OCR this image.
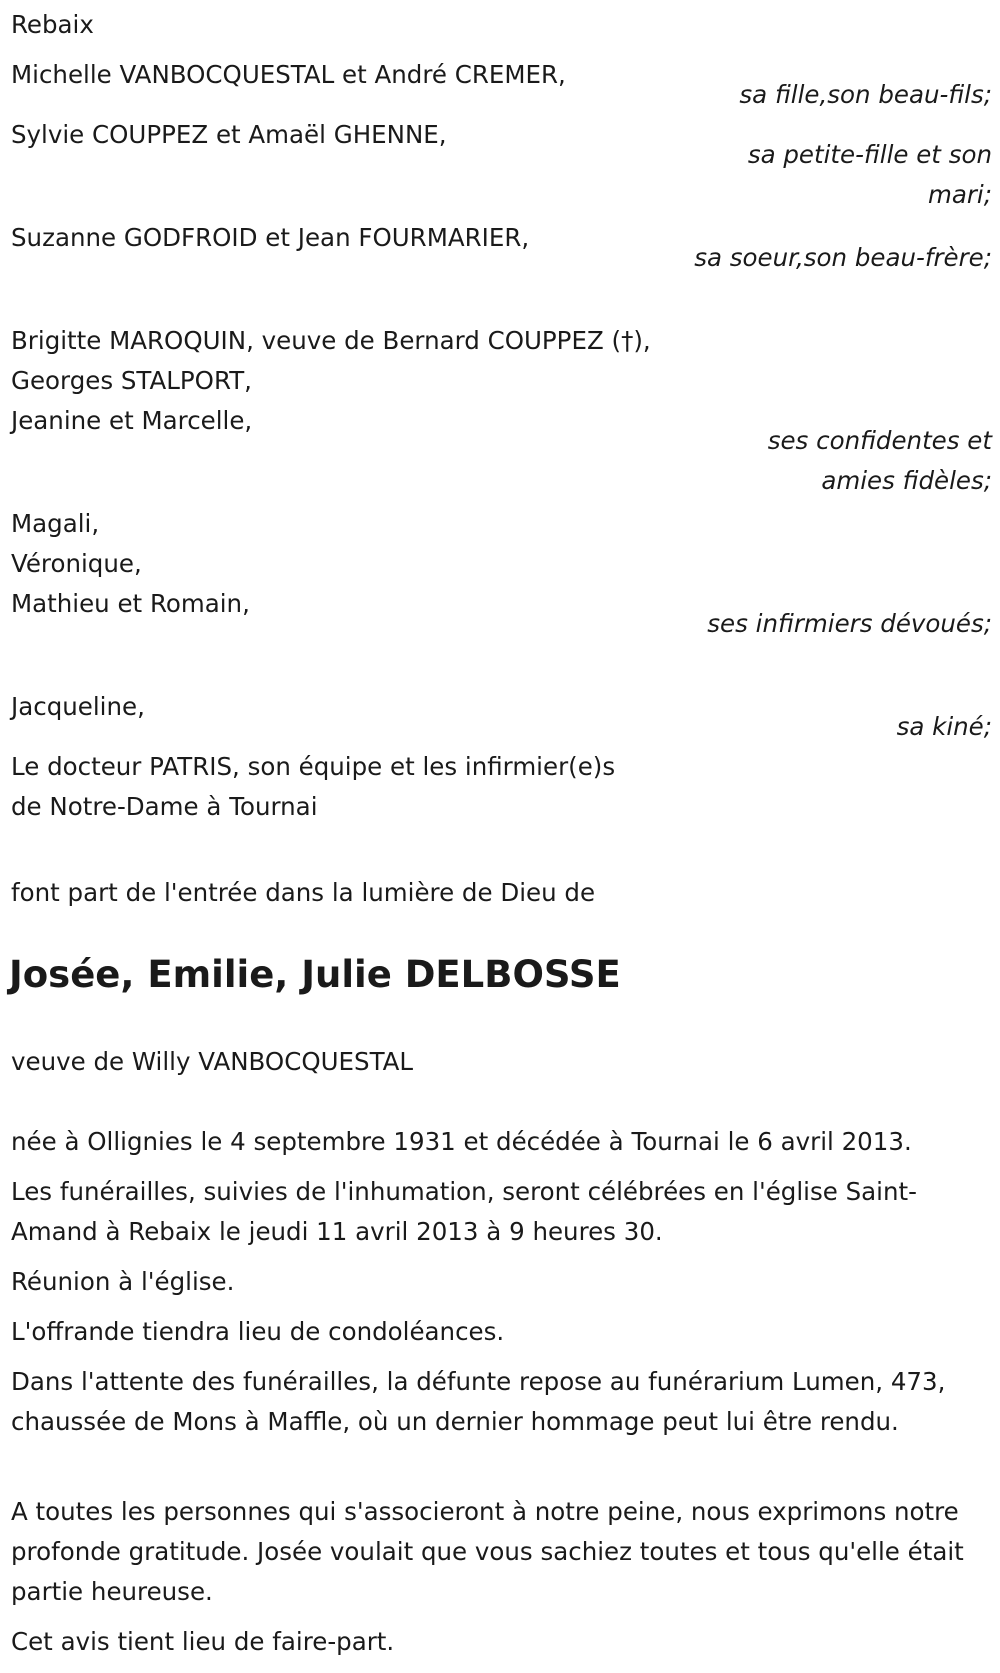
Rebaix
Michelle VANBOCQUESTAL et André CREMER,
sa fille,son beau-fils;
Sylvie COUPPEZ et Amaël GHENNE,
sa petite-fille et son mari;
Suzanne GODFROID et Jean FOURMARIER,
sa soeur,son beau-frère;
Brigitte MAROQUIN, veuve de Bernard COUPPEZ (†),
Georges STALPORT,
Jeanine et Marcelle,
ses confidentes et amies fidèles;
Magali,
Véronique,
Mathieu et Romain,
ses infirmiers dévoués;
Jacqueline,
sa kiné;
Le docteur PATRIS, son équipe et les infirmier(e)s
de Notre-Dame à Tournai
font part de l'entrée dans la lumière de Dieu de
Josée, Emilie, Julie DELBOSSE
veuve de Willy VANBOCQUESTAL
née à Ollignies le 4 septembre 1931 et décédée à Tournai le 6 avril 2013.
Les funérailles, suivies de l'inhumation, seront célébrées en l'église Saint-Amand à Rebaix le jeudi 11 avril 2013 à 9 heures 30.
Réunion à l'église.
L'offrande tiendra lieu de condoléances.
Dans l'attente des funérailles, la défunte repose au funérarium Lumen, 473, chaussée de Mons à Maffle, où un dernier hommage peut lui être rendu.
A toutes les personnes qui s'associeront à notre peine, nous exprimons notre profonde gratitude. Josée voulait que vous sachiez toutes et tous qu'elle était partie heureuse.
Cet avis tient lieu de faire-part.
